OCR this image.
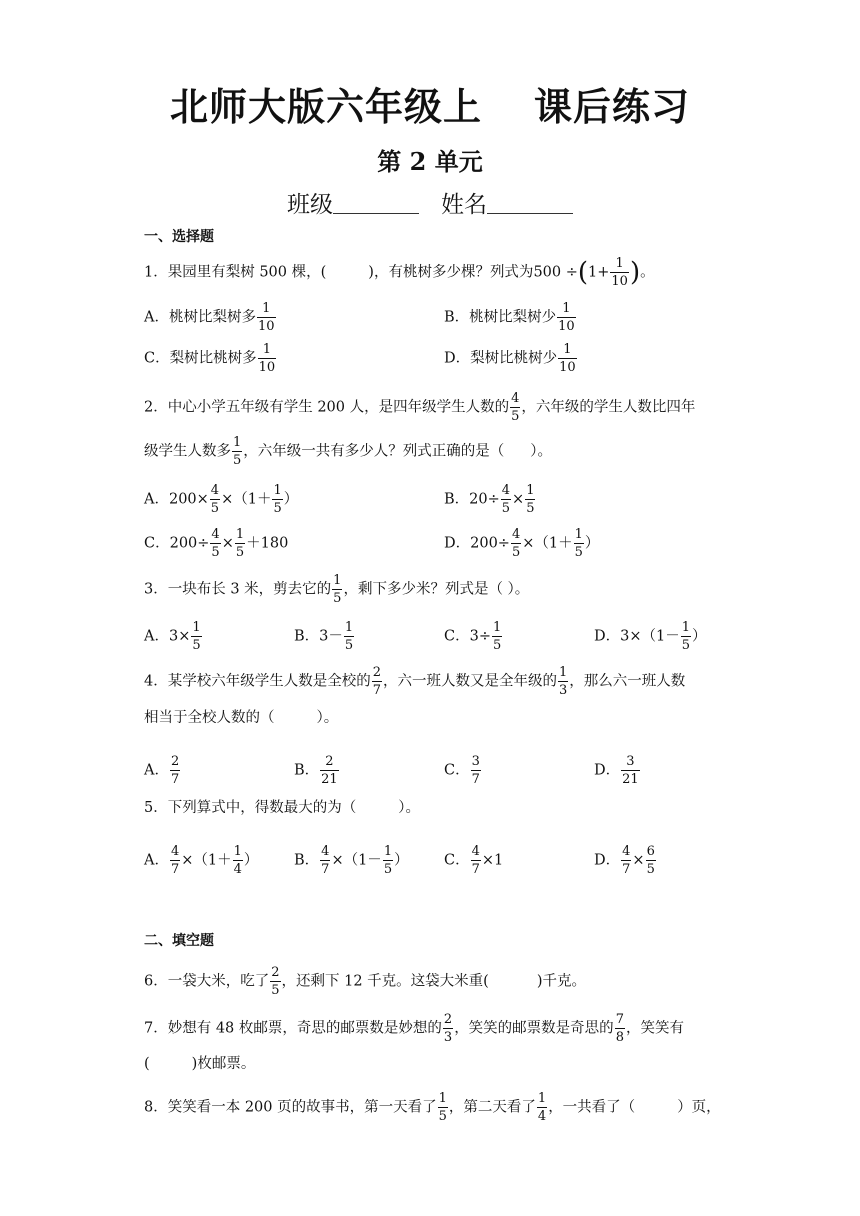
北师大版六年级上 课后练习
第 2 单元
班级	姓名
一、选择题
1．果园里有梨树 500 棵，(	)，有桃树多少棵？列式为$500 \div(1+ \frac{1}{10}$ )。
A．桃树比梨树多 $\frac{1}{10}$	B．桃树比梨树少 $\frac{1}{10}$
C．梨树比桃树多 $\frac{1}{10}$	D．梨树比桃树少 $\frac{1}{10}$
2．中心小学五年级有学生 200 人，是四年级学生人数的 $\frac{4}{5}$ ，六年级的学生人数比四年
级学生人数多 $\frac{1}{5}$ ，六年级一共有多少人？列式正确的是（ ）。
A．$200\times \frac{4}{5} \times(1+ \frac{1}{5}$ ）	B．$20\div \frac{4}{5} \times \frac{1}{5}$
C．$200\div \frac{4}{5} \times \frac{1}{5} +180$	D．$200\div \frac{4}{5} \times(1+ \frac{1}{5}$ ）
3．一块布长 3 米，剪去它的 $\frac{1}{5}$ ，剩下多少米？列式是（ ）。
A．$3\times \frac{1}{5}$	B．$3- \frac{1}{5}$	C．$3\div \frac{1}{5}$	D．$3\times(1- \frac{1}{5}$ ）
4．某学校六年级学生人数是全校的 $\frac{2}{7}$ ，六一班人数又是全年级的 $\frac{1}{3}$ ，那么六一班人数
相当于全校人数的（	）。
A． $\frac{2}{7}$	B． $\frac{2}{21}$	C． $\frac{3}{7}$	D． $\frac{3}{21}$
5．下列算式中，得数最大的为（	）。
A． $\frac{4}{7} \times(1+ \frac{1}{4}$ ） B． $\frac{4}{7} \times(1- \frac{1}{5}$ ） C． $\frac{4}{7} \times 1$	D． $\frac{4}{7} \times \frac{6}{5}$
二、填空题
6．一袋大米，吃了 $\frac{2}{5}$ ，还剩下 12 千克。这袋大米重(	)千克。
7．妙想有 48 枚邮票，奇思的邮票数是妙想的 $\frac{2}{3}$ ，笑笑的邮票数是奇思的 $\frac{7}{8}$ ，笑笑有
(	)枚邮票。
8．笑笑看一本 200 页的故事书，第一天看了 $\frac{1}{5}$ ，第二天看了 $\frac{1}{4}$ ，一共看了（	）页，
